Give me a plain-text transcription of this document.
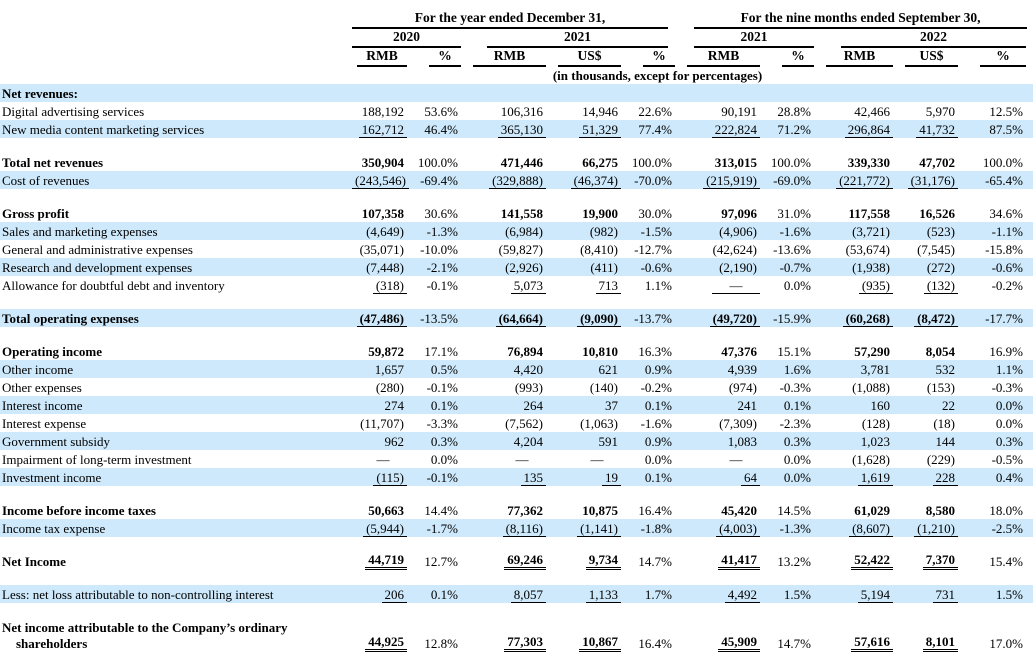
	For the year ended December 31,					For the nine months ended September 30,				

	2020		2021			2021		2022		

	RMB	%	RMB	US$	%	RMB	%	RMB	US$	%

			(in thousands, except for percentages)							

Net revenues:										

Digital advertising services	188,192	53.6%	106,316	14,946	22.6%	90,191	28.8%	42,466	5,970	12.5%

New media content marketing services	162,712	46.4%	365,130	51,329	77.4%	222,824	71.2%	296,864	41,732	87.5%

Total net revenues	350,904	100.0%	471,446	66,275	100.0%	313,015	100.0%	339,330	47,702	100.0%

Cost of revenues	(243,546)	-69.4%	(329,888)	(46,374)	-70.0%	(215,919)	-69.0%	(221,772)	(31,176)	-65.4%

Gross profit	107,358	30.6%	141,558	19,900	30.0%	97,096	31.0%	117,558	16,526	34.6%

Sales and marketing expenses	(4,649)	-1.3%	(6,984)	(982)	-1.5%	(4,906)	-1.6%	(3,721)	(523)	-1.1%

General and administrative expenses	(35,071)	-10.0%	(59,827)	(8,410)	-12.7%	(42,624)	-13.6%	(53,674)	(7,545)	-15.8%

Research and development expenses	(7,448)	-2.1%	(2,926)	(411)	-0.6%	(2,190)	-0.7%	(1,938)	(272)	-0.6%

Allowance for doubtful debt and inventory	(318)	-0.1%	5,073	713	1.1%	—	0.0%	(935)	(132)	-0.2%

Total operating expenses	(47,486)	-13.5%	(64,664)	(9,090)	-13.7%	(49,720)	-15.9%	(60,268)	(8,472)	-17.7%

Operating income	59,872	17.1%	76,894	10,810	16.3%	47,376	15.1%	57,290	8,054	16.9%

Other income	1,657	0.5%	4,420	621	0.9%	4,939	1.6%	3,781	532	1.1%

Other expenses	(280)	-0.1%	(993)	(140)	-0.2%	(974)	-0.3%	(1,088)	(153)	-0.3%

Interest income	274	0.1%	264	37	0.1%	241	0.1%	160	22	0.0%

Interest expense	(11,707)	-3.3%	(7,562)	(1,063)	-1.6%	(7,309)	-2.3%	(128)	(18)	0.0%

Government subsidy	962	0.3%	4,204	591	0.9%	1,083	0.3%	1,023	144	0.3%

Impairment of long-term investment	—	0.0%	—	—	0.0%	—	0.0%	(1,628)	(229)	-0.5%

Investment income	(115)	-0.1%	135	19	0.1%	64	0.0%	1,619	228	0.4%

Income before income taxes	50,663	14.4%	77,362	10,875	16.4%	45,420	14.5%	61,029	8,580	18.0%

Income tax expense	(5,944)	-1.7%	(8,116)	(1,141)	-1.8%	(4,003)	-1.3%	(8,607)	(1,210)	-2.5%

Net Income	44,719	12.7%	69,246	9,734	14.7%	41,417	13.2%	52,422	7,370	15.4%

Less: net loss attributable to non-controlling interest	206	0.1%	8,057	1,133	1.7%	4,492	1.5%	5,194	731	1.5%

Net income attributable to the Company’s ordinary
shareholders	44,925	12.8%	77,303	10,867	16.4%	45,909	14.7%	57,616	8,101	17.0%
